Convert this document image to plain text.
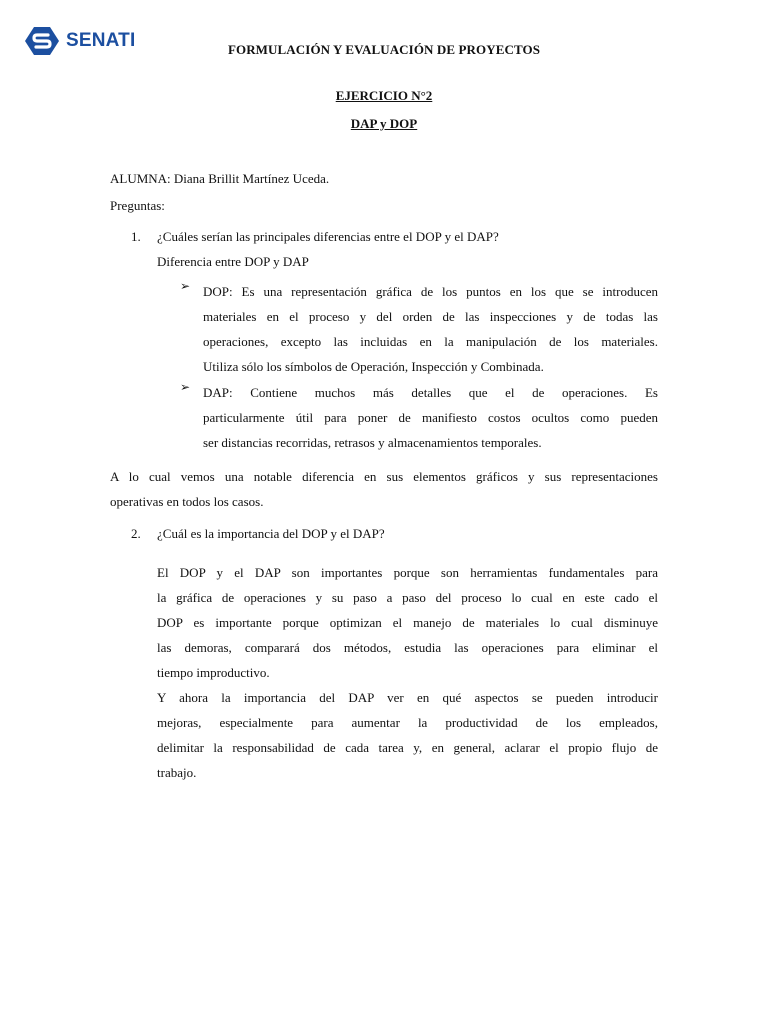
SENATI	FORMULACIÓN Y EVALUACIÓN DE PROYECTOS
EJERCICIO N°2
DAP y DOP
ALUMNA: Diana Brillit Martínez Uceda.
Preguntas:
1. ¿Cuáles serían las principales diferencias entre el DOP y el DAP?
Diferencia entre DOP y DAP
➢ DOP: Es una representación gráfica de los puntos en los que se introducen
materiales en el proceso y del orden de las inspecciones y de todas las
operaciones, excepto las incluidas en la manipulación de los materiales.
Utiliza sólo los símbolos de Operación, Inspección y Combinada.
➢ DAP: Contiene muchos más detalles que el de operaciones. Es
particularmente útil para poner de manifiesto costos ocultos como pueden
ser distancias recorridas, retrasos y almacenamientos temporales.
A lo cual vemos una notable diferencia en sus elementos gráficos y sus representaciones
operativas en todos los casos.
2. ¿Cuál es la importancia del DOP y el DAP?
El DOP y el DAP son importantes porque son herramientas fundamentales para
la gráfica de operaciones y su paso a paso del proceso lo cual en este cado el
DOP es importante porque optimizan el manejo de materiales lo cual disminuye
las demoras, comparará dos métodos, estudia las operaciones para eliminar el
tiempo improductivo.
Y ahora la importancia del DAP ver en qué aspectos se pueden introducir
mejoras, especialmente para aumentar la productividad de los empleados,
delimitar la responsabilidad de cada tarea y, en general, aclarar el propio flujo de
trabajo.
